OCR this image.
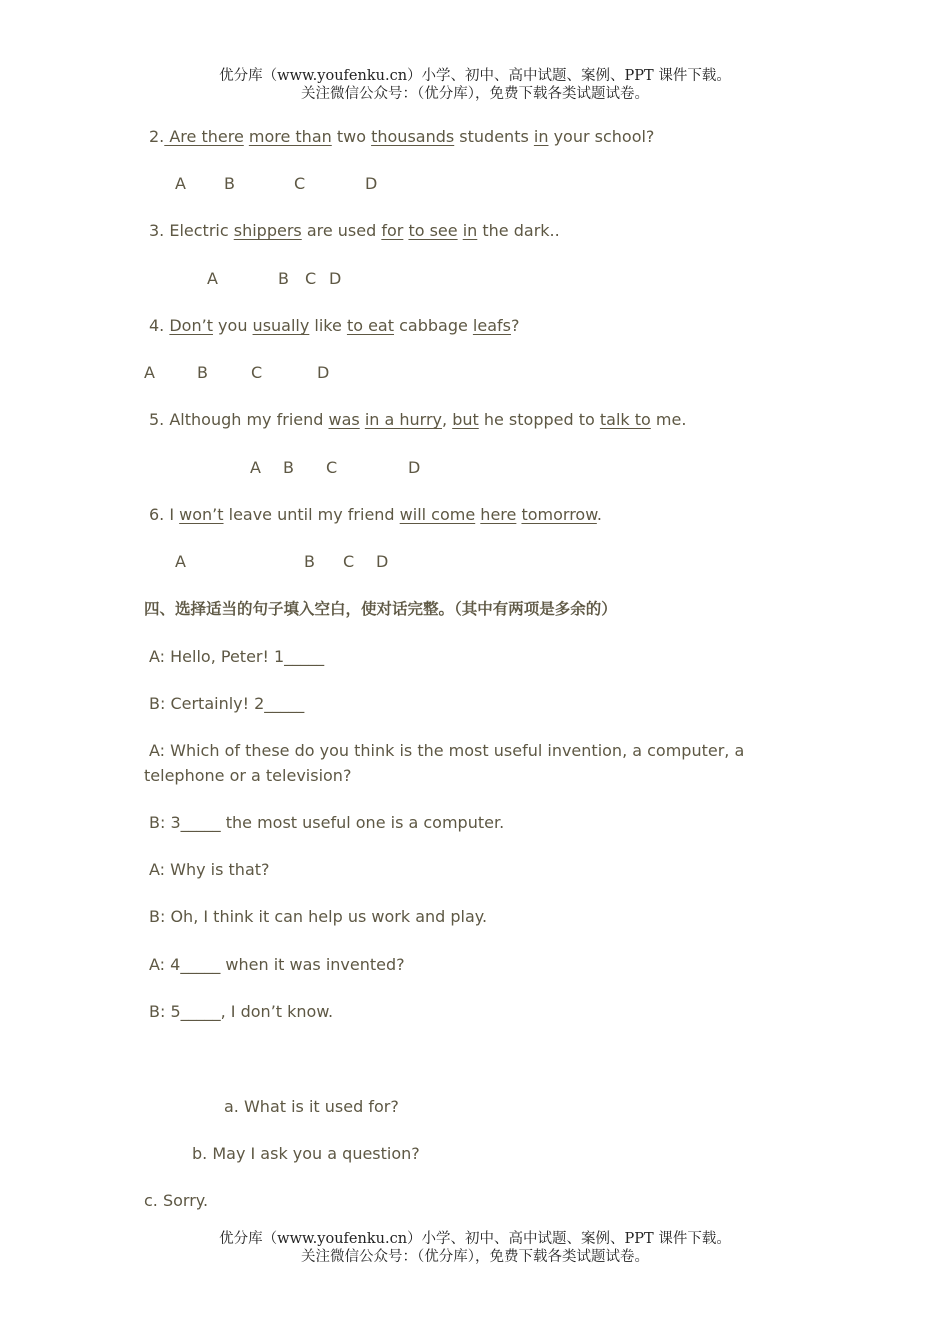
优分库（www.youfenku.cn）小学、初中、高中试题、案例、PPT 课件下载。
关注微信公众号：（优分库），免费下载各类试题试卷。
2. Are there more than two thousands students in your school?
A B	C	D
3. Electric shippers are used for to see in the dark..
A	B C D
4. Don’t you usually like to eat cabbage leafs?
A	B	C	D
5. Although my friend was in a hurry, but he stopped to talk to me.
A B C	D
6. I won’t leave until my friend will come here tomorrow.
A	B C D
四、选择适当的句子填入空白，使对话完整。（其中有两项是多余的）
A: Hello, Peter! 1_____
B: Certainly! 2_____
A: Which of these do you think is the most useful invention, a computer, a
telephone or a television?
B: 3_____ the most useful one is a computer.
A: Why is that?
B: Oh, I think it can help us work and play.
A: 4_____ when it was invented?
B: 5_____, I don’t know.
a. What is it used for?
b. May I ask you a question?
c. Sorry.
优分库（www.youfenku.cn）小学、初中、高中试题、案例、PPT 课件下载。
关注微信公众号：（优分库），免费下载各类试题试卷。
